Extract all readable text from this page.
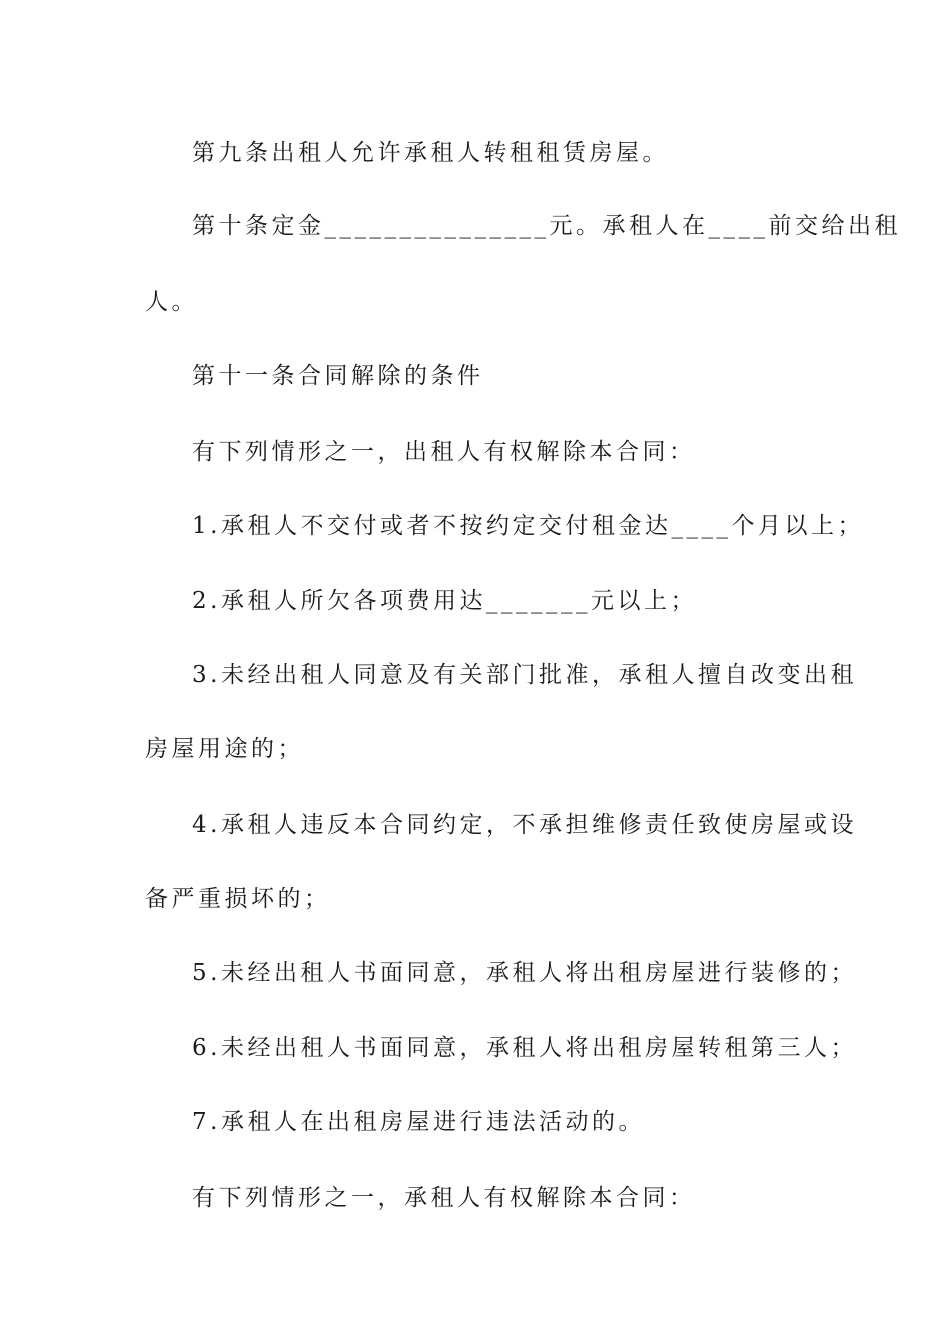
第九条出租人允许承租人转租租赁房屋。
第十条定金_______________元。承租人在____前交给出租
人。
第十一条合同解除的条件
有下列情形之一，出租人有权解除本合同：
1.承租人不交付或者不按约定交付租金达____个月以上；
2.承租人所欠各项费用达_______元以上；
3.未经出租人同意及有关部门批准，承租人擅自改变出租
房屋用途的；
4.承租人违反本合同约定，不承担维修责任致使房屋或设
备严重损坏的；
5.未经出租人书面同意，承租人将出租房屋进行装修的；
6.未经出租人书面同意，承租人将出租房屋转租第三人；
7.承租人在出租房屋进行违法活动的。
有下列情形之一，承租人有权解除本合同：
